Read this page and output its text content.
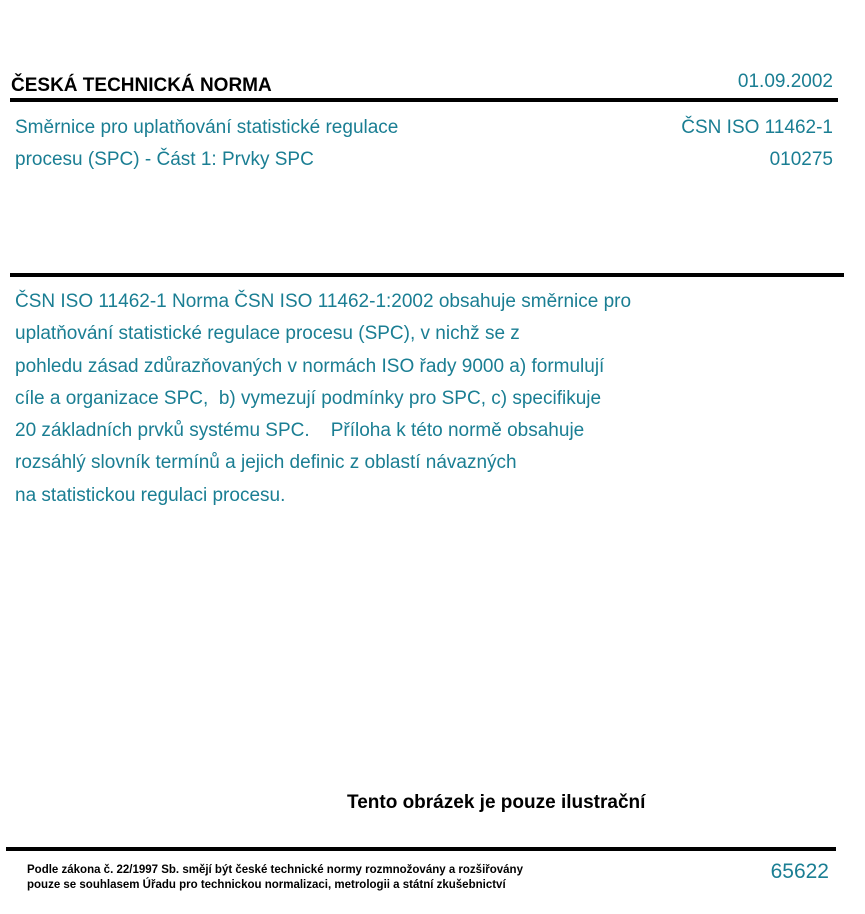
ČESKÁ TECHNICKÁ NORMA	01.09.2002
Směrnice pro uplatňování statistické regulace
procesu (SPC) - Část 1: Prvky SPC
ČSN ISO 11462-1
010275
ČSN ISO 11462-1 Norma ČSN ISO 11462-1:2002 obsahuje směrnice pro
uplatňování statistické regulace procesu (SPC), v nichž se z
pohledu zásad zdůrazňovaných v normách ISO řady 9000 a) formulují
cíle a organizace SPC,  b) vymezují podmínky pro SPC, c) specifikuje
20 základních prvků systému SPC.    Příloha k této normě obsahuje
rozsáhlý slovník termínů a jejich definic z oblastí návazných
na statistickou regulaci procesu.
Tento obrázek je pouze ilustrační
Podle zákona č. 22/1997 Sb. smějí být české technické normy rozmnožovány a rozšiřovány
pouze se souhlasem Úřadu pro technickou normalizaci, metrologii a státní zkušebnictví
65622
